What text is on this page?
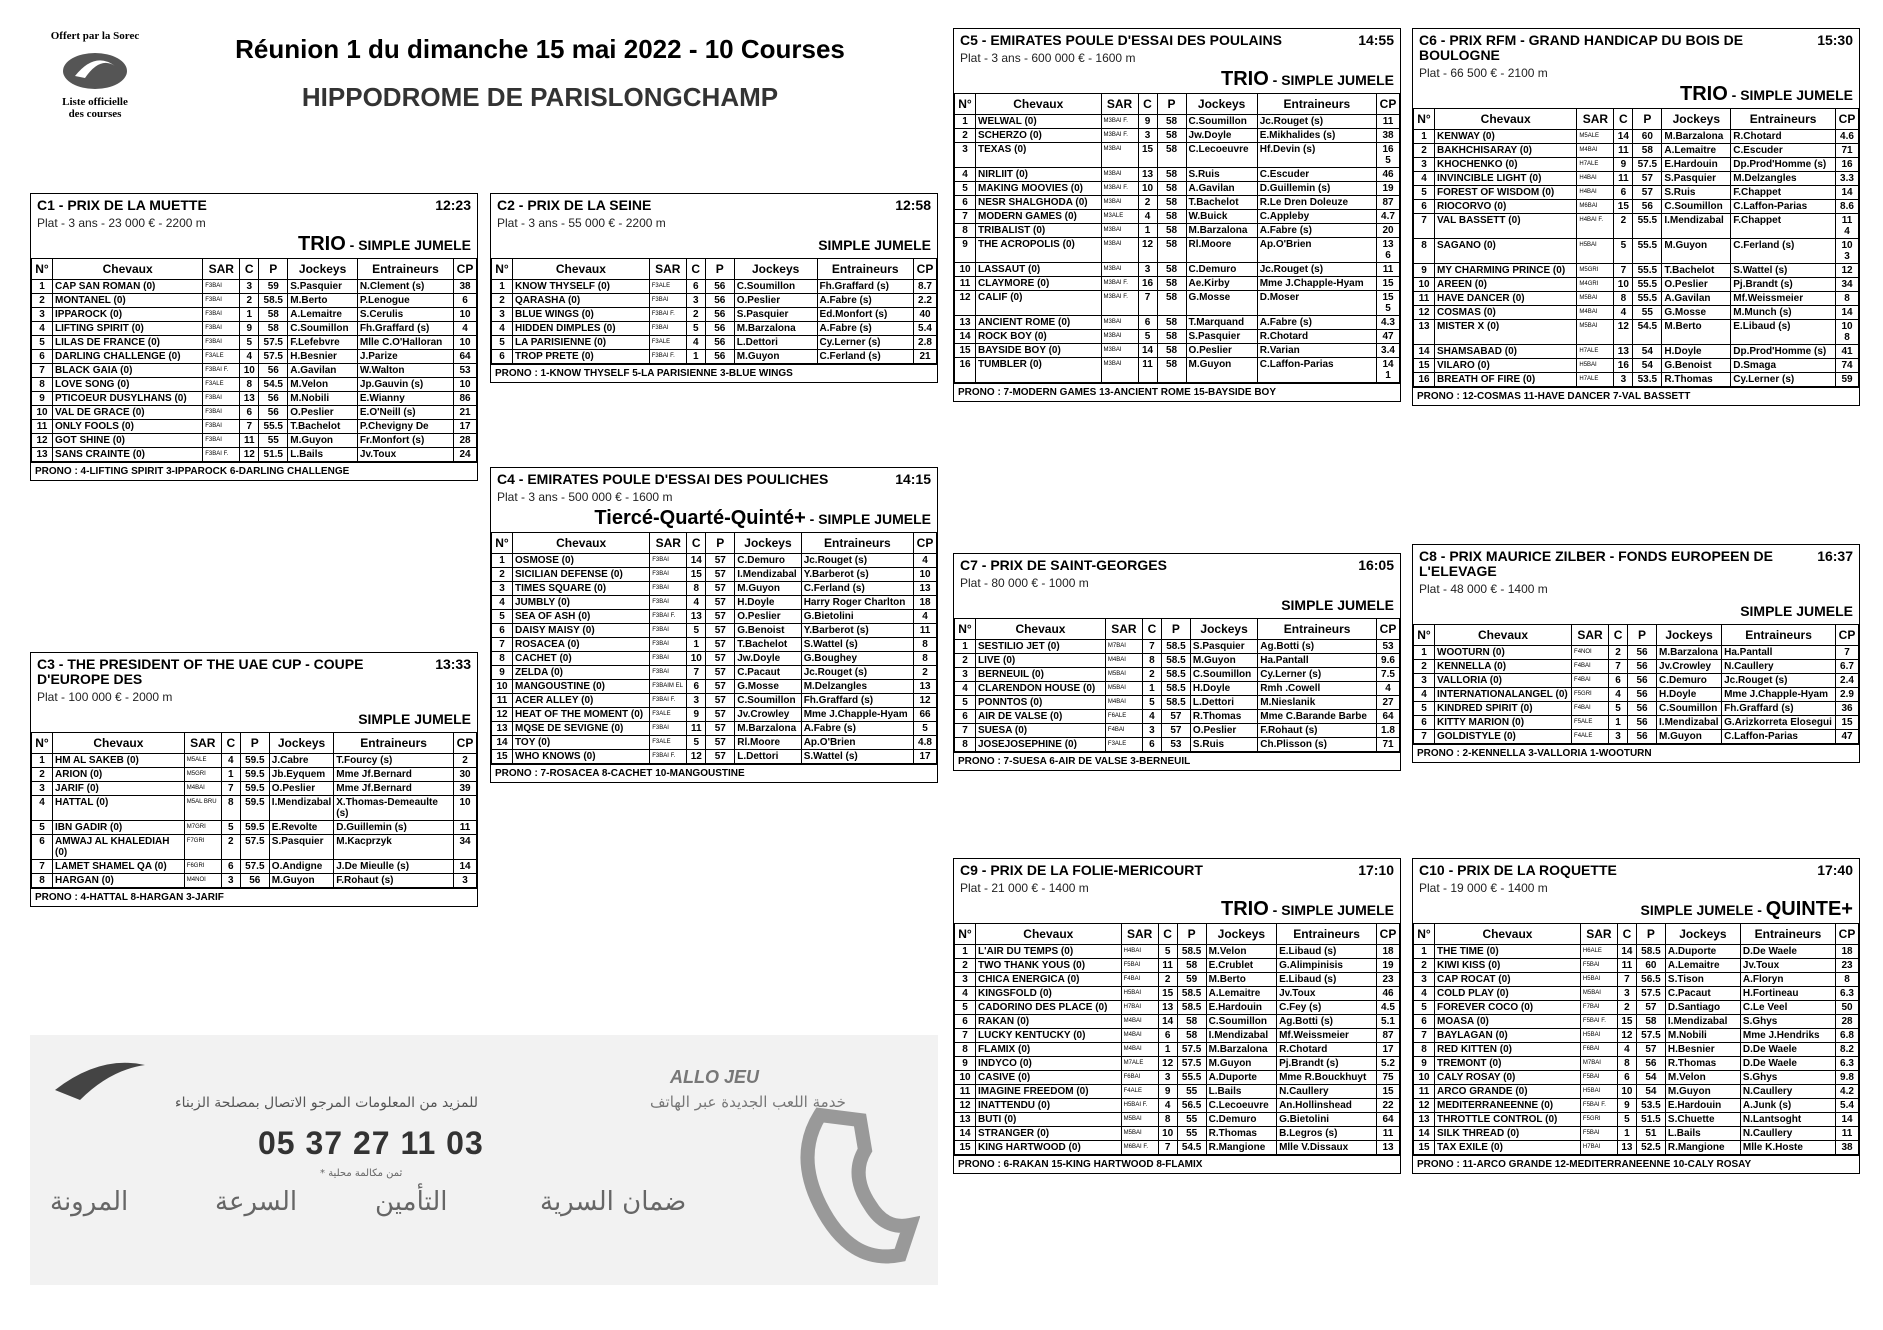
Offert par la Sorec
Liste officielle
des courses
Réunion 1 du dimanche 15 mai 2022 - 10 Courses
HIPPODROME DE PARISLONGCHAMP
C1 - PRIX DE LA MUETTE	12:23
Plat - 3 ans - 23 000 € - 2200 m
TRIO - SIMPLE JUMELE
N°	Chevaux	SAR	C	P	Jockeys	Entraineurs	CP
1	CAP SAN ROMAN (0)	F3BAI	3	59	S.Pasquier	N.Clement (s)	38
2	MONTANEL (0)	F3BAI	2	58.5	M.Berto	P.Lenogue	6
3	IPPAROCK (0)	F3BAI	1	58	A.Lemaitre	S.Cerulis	10
4	LIFTING SPIRIT (0)	F3BAI	9	58	C.Soumillon	Fh.Graffard (s)	4
5	LILAS DE FRANCE (0)	F3BAI	5	57.5	F.Lefebvre	Mlle C.O'Halloran	10
6	DARLING CHALLENGE (0)	F3ALE	4	57.5	H.Besnier	J.Parize	64
7	BLACK GAIA (0)	F3BAI F.	10	56	A.Gavilan	W.Walton	53
8	LOVE SONG (0)	F3ALE	8	54.5	M.Velon	Jp.Gauvin (s)	10
9	PTICOEUR DUSYLHANS (0)	F3BAI	13	56	M.Nobili	E.Wianny	86
10	VAL DE GRACE (0)	F3BAI	6	56	O.Peslier	E.O'Neill (s)	21
11	ONLY FOOLS (0)	F3BAI	7	55.5	T.Bachelot	P.Chevigny De	17
12	GOT SHINE (0)	F3BAI	11	55	M.Guyon	Fr.Monfort (s)	28
13	SANS CRAINTE (0)	F3BAI F.	12	51.5	L.Bails	Jv.Toux	24
PRONO : 4-LIFTING SPIRIT 3-IPPAROCK 6-DARLING CHALLENGE
C2 - PRIX DE LA SEINE	12:58
Plat - 3 ans - 55 000 € - 2200 m
SIMPLE JUMELE
N°	Chevaux	SAR	C	P	Jockeys	Entraineurs	CP
1	KNOW THYSELF (0)	F3ALE	6	56	C.Soumillon	Fh.Graffard (s)	8.7
2	QARASHA (0)	F3BAI	3	56	O.Peslier	A.Fabre (s)	2.2
3	BLUE WINGS (0)	F3BAI F.	2	56	S.Pasquier	Ed.Monfort (s)	40
4	HIDDEN DIMPLES (0)	F3BAI	5	56	M.Barzalona	A.Fabre (s)	5.4
5	LA PARISIENNE (0)	F3ALE	4	56	L.Dettori	Cy.Lerner (s)	2.8
6	TROP PRETE (0)	F3BAI F.	1	56	M.Guyon	C.Ferland (s)	21
PRONO : 1-KNOW THYSELF 5-LA PARISIENNE 3-BLUE WINGS
C3 - THE PRESIDENT OF THE UAE CUP - COUPE D'EUROPE DES
13:33
Plat - 100 000 € - 2000 m
SIMPLE JUMELE
N°	Chevaux	SAR	C	P	Jockeys	Entraineurs	CP
1	HM AL SAKEB (0)	M5ALE	4	59.5	J.Cabre	T.Fourcy (s)	2
2	ARION (0)	M5GRI	1	59.5	Jb.Eyquem	Mme Jf.Bernard	30
3	JARIF (0)	M4BAI	7	59.5	O.Peslier	Mme Jf.Bernard	39
4	HATTAL (0)	M5AL BRU	8	59.5	I.Mendizabal	X.Thomas-Demeaulte (s)	10
5	IBN GADIR (0)	M7GRI	5	59.5	E.Revolte	D.Guillemin (s)	11
6	AMWAJ AL KHALEDIAH (0)	F7GRI	2	57.5	S.Pasquier	M.Kacprzyk	34
7	LAMET SHAMEL QA (0)	F6GRI	6	57.5	O.Andigne	J.De Mieulle (s)	14
8	HARGAN (0)	M4NOI	3	56	M.Guyon	F.Rohaut (s)	3
PRONO : 4-HATTAL 8-HARGAN 3-JARIF
C4 - EMIRATES POULE D'ESSAI DES POULICHES	14:15
Plat - 3 ans - 500 000 € - 1600 m
Tiercé-Quarté-Quinté+ - SIMPLE JUMELE
N°	Chevaux	SAR	C	P	Jockeys	Entraineurs	CP
1	OSMOSE (0)	F3BAI	14	57	C.Demuro	Jc.Rouget (s)	4
2	SICILIAN DEFENSE (0)	F3BAI	15	57	I.Mendizabal	Y.Barberot (s)	10
3	TIMES SQUARE (0)	F3BAI	8	57	M.Guyon	C.Ferland (s)	13
4	JUMBLY (0)	F3BAI	4	57	H.Doyle	Harry Roger Charlton	18
5	SEA OF ASH (0)	F3BAI F.	13	57	O.Peslier	G.Bietolini	4
6	DAISY MAISY (0)	F3BAI	5	57	G.Benoist	Y.Barberot (s)	11
7	ROSACEA (0)	F3BAI	1	57	T.Bachelot	S.Wattel (s)	8
8	CACHET (0)	F3BAI	10	57	Jw.Doyle	G.Boughey	8
9	ZELDA (0)	F3BAI	7	57	C.Pacaut	Jc.Rouget (s)	2
10	MANGOUSTINE (0)	F3BAIM EL	6	57	G.Mosse	M.Delzangles	13
11	ACER ALLEY (0)	F3BAI F.	3	57	C.Soumillon	Fh.Graffard (s)	12
12	HEAT OF THE MOMENT (0)	F3ALE	9	57	Jv.Crowley	Mme J.Chapple-Hyam	66
13	MQSE DE SEVIGNE (0)	F3BAI	11	57	M.Barzalona	A.Fabre (s)	5
14	TOY (0)	F3ALE	5	57	Rl.Moore	Ap.O'Brien	4.8
15	WHO KNOWS (0)	F3BAI F.	12	57	L.Dettori	S.Wattel (s)	17
PRONO : 7-ROSACEA 8-CACHET 10-MANGOUSTINE
C5 - EMIRATES POULE D'ESSAI DES POULAINS	14:55
Plat - 3 ans - 600 000 € - 1600 m
TRIO - SIMPLE JUMELE
N°	Chevaux	SAR	C	P	Jockeys	Entraineurs	CP
1	WELWAL (0)	M3BAI F.	9	58	C.Soumillon	Jc.Rouget (s)	11
2	SCHERZO (0)	M3BAI F.	3	58	Jw.Doyle	E.Mikhalides (s)	38
3	TEXAS (0)	M3BAI	15	58	C.Lecoeuvre	Hf.Devin (s)	16 5
4	NIRLIIT (0)	M3BAI	13	58	S.Ruis	C.Escuder	46
5	MAKING MOOVIES (0)	M3BAI F.	10	58	A.Gavilan	D.Guillemin (s)	19
6	NESR SHALGHODA (0)	M3BAI	2	58	T.Bachelot	R.Le Dren Doleuze	87
7	MODERN GAMES (0)	M3ALE	4	58	W.Buick	C.Appleby	4.7
8	TRIBALIST (0)	M3BAI	1	58	M.Barzalona	A.Fabre (s)	20
9	THE ACROPOLIS (0)	M3BAI	12	58	Rl.Moore	Ap.O'Brien	13 6
10	LASSAUT (0)	M3BAI	3	58	C.Demuro	Jc.Rouget (s)	11
11	CLAYMORE (0)	M3BAI F.	16	58	Ae.Kirby	Mme J.Chapple-Hyam	15
12	CALIF (0)	M3BAI F.	7	58	G.Mosse	D.Moser	15 5
13	ANCIENT ROME (0)	M3BAI	6	58	T.Marquand	A.Fabre (s)	4.3
14	ROCK BOY (0)	M3BAI	5	58	S.Pasquier	R.Chotard	47
15	BAYSIDE BOY (0)	M3BAI	14	58	O.Peslier	R.Varian	3.4
16	TUMBLER (0)	M3BAI	11	58	M.Guyon	C.Laffon-Parias	14 1
PRONO : 7-MODERN GAMES 13-ANCIENT ROME 15-BAYSIDE BOY
C6 - PRIX RFM - GRAND HANDICAP DU BOIS DE BOULOGNE
15:30
Plat - 66 500 € - 2100 m
TRIO - SIMPLE JUMELE
N°	Chevaux	SAR	C	P	Jockeys	Entraineurs	CP
1	KENWAY (0)	M5ALE	14	60	M.Barzalona	R.Chotard	4.6
2	BAKHCHISARAY (0)	M4BAI	11	58	A.Lemaitre	C.Escuder	71
3	KHOCHENKO (0)	H7ALE	9	57.5	E.Hardouin	Dp.Prod'Homme (s)	16
4	INVINCIBLE LIGHT (0)	H4BAI	11	57	S.Pasquier	M.Delzangles	3.3
5	FOREST OF WISDOM (0)	H4BAI	6	57	S.Ruis	F.Chappet	14
6	RIOCORVO (0)	M6BAI	15	56	C.Soumillon	C.Laffon-Parias	8.6
7	VAL BASSETT (0)	H4BAI F.	2	55.5	I.Mendizabal	F.Chappet	11 4
8	SAGANO (0)	H5BAI	5	55.5	M.Guyon	C.Ferland (s)	10 3
9	MY CHARMING PRINCE (0)	M5GRI	7	55.5	T.Bachelot	S.Wattel (s)	12
10	AREEN (0)	M4GRI	10	55.5	O.Peslier	Pj.Brandt (s)	34
11	HAVE DANCER (0)	M5BAI	8	55.5	A.Gavilan	Mf.Weissmeier	8
12	COSMAS (0)	M4BAI	4	55	G.Mosse	M.Munch (s)	14
13	MISTER X (0)	M5BAI	12	54.5	M.Berto	E.Libaud (s)	10 8
14	SHAMSABAD (0)	H7ALE	13	54	H.Doyle	Dp.Prod'Homme (s)	41
15	VILARO (0)	H5BAI	16	54	G.Benoist	D.Smaga	74
16	BREATH OF FIRE (0)	H7ALE	3	53.5	R.Thomas	Cy.Lerner (s)	59
PRONO : 12-COSMAS 11-HAVE DANCER 7-VAL BASSETT
C7 - PRIX DE SAINT-GEORGES	16:05
Plat - 80 000 € - 1000 m
SIMPLE JUMELE
N°	Chevaux	SAR	C	P	Jockeys	Entraineurs	CP
1	SESTILIO JET (0)	M7BAI	7	58.5	S.Pasquier	Ag.Botti (s)	53
2	LIVE (0)	M4BAI	8	58.5	M.Guyon	Ha.Pantall	9.6
3	BERNEUIL (0)	M5BAI	2	58.5	C.Soumillon	Cy.Lerner (s)	7.5
4	CLARENDON HOUSE (0)	M5BAI	1	58.5	H.Doyle	Rmh .Cowell	4
5	PONNTOS (0)	M4BAI	5	58.5	L.Dettori	M.Nieslanik	27
6	AIR DE VALSE (0)	F6ALE	4	57	R.Thomas	Mme C.Barande Barbe	64
7	SUESA (0)	F4BAI	3	57	O.Peslier	F.Rohaut (s)	1.8
8	JOSEJOSEPHINE (0)	F3ALE	6	53	S.Ruis	Ch.Plisson (s)	71
PRONO : 7-SUESA 6-AIR DE VALSE 3-BERNEUIL
C8 - PRIX MAURICE ZILBER - FONDS EUROPEEN DE L'ELEVAGE
16:37
Plat - 48 000 € - 1400 m
SIMPLE JUMELE
N°	Chevaux	SAR	C	P	Jockeys	Entraineurs	CP
1	WOOTURN (0)	F4NOI	2	56	M.Barzalona	Ha.Pantall	7
2	KENNELLA (0)	F4BAI	7	56	Jv.Crowley	N.Caullery	6.7
3	VALLORIA (0)	F4BAI	6	56	C.Demuro	Jc.Rouget (s)	2.4
4	INTERNATIONALANGEL (0)	F5GRI	4	56	H.Doyle	Mme J.Chapple-Hyam	2.9
5	KINDRED SPIRIT (0)	F4BAI	5	56	C.Soumillon	Fh.Graffard (s)	36
6	KITTY MARION (0)	F5ALE	1	56	I.Mendizabal	G.Arizkorreta Elosegui	15
7	GOLDISTYLE (0)	F4ALE	3	56	M.Guyon	C.Laffon-Parias	47
PRONO : 2-KENNELLA 3-VALLORIA 1-WOOTURN
C9 - PRIX DE LA FOLIE-MERICOURT	17:10
Plat - 21 000 € - 1400 m
TRIO - SIMPLE JUMELE
N°	Chevaux	SAR	C	P	Jockeys	Entraineurs	CP
1	L'AIR DU TEMPS (0)	H4BAI	5	58.5	M.Velon	E.Libaud (s)	18
2	TWO THANK YOUS (0)	F5BAI	11	58	E.Crublet	G.Alimpinisis	19
3	CHICA ENERGICA (0)	F4BAI	2	59	M.Berto	E.Libaud (s)	23
4	KINGSFOLD (0)	H5BAI	15	58.5	A.Lemaitre	Jv.Toux	46
5	CADORINO DES PLACE (0)	H7BAI	13	58.5	E.Hardouin	C.Fey (s)	4.5
6	RAKAN (0)	M4BAI	14	58	C.Soumillon	Ag.Botti (s)	5.1
7	LUCKY KENTUCKY (0)	M4BAI	6	58	I.Mendizabal	Mf.Weissmeier	87
8	FLAMIX (0)	M4BAI	1	57.5	M.Barzalona	R.Chotard	17
9	INDYCO (0)	M7ALE	12	57.5	M.Guyon	Pj.Brandt (s)	5.2
10	CASIVE (0)	F6BAI	3	55.5	A.Duporte	Mme R.Bouckhuyt	75
11	IMAGINE FREEDOM (0)	F4ALE	9	55	L.Bails	N.Caullery	15
12	INATTENDU (0)	H5BAI F.	4	56.5	C.Lecoeuvre	An.Hollinshead	22
13	BUTI (0)	M5BAI	8	55	C.Demuro	G.Bietolini	64
14	STRANGER (0)	M5BAI	10	55	R.Thomas	B.Legros (s)	11
15	KING HARTWOOD (0)	M6BAI F.	7	54.5	R.Mangione	Mlle V.Dissaux	13
PRONO : 6-RAKAN 15-KING HARTWOOD 8-FLAMIX
C10 - PRIX DE LA ROQUETTE	17:40
Plat - 19 000 € - 1400 m
SIMPLE JUMELE - QUINTE+
N°	Chevaux	SAR	C	P	Jockeys	Entraineurs	CP
1	THE TIME (0)	H6ALE	14	58.5	A.Duporte	D.De Waele	18
2	KIWI KISS (0)	F5BAI	11	60	A.Lemaitre	Jv.Toux	23
3	CAP ROCAT (0)	H5BAI	7	56.5	S.Tison	A.Floryn	8
4	COLD PLAY (0)	M5BAI	3	57.5	C.Pacaut	H.Fortineau	6.3
5	FOREVER COCO (0)	F7BAI	2	57	D.Santiago	C.Le Veel	50
6	MOASA (0)	F5BAI F.	15	58	I.Mendizabal	S.Ghys	28
7	BAYLAGAN (0)	H5BAI	12	57.5	M.Nobili	Mme J.Hendriks	6.8
8	RED KITTEN (0)	F6BAI	4	57	H.Besnier	D.De Waele	8.2
9	TREMONT (0)	M7BAI	8	56	R.Thomas	D.De Waele	6.3
10	CALY ROSAY (0)	F5BAI	6	54	M.Velon	S.Ghys	9.8
11	ARCO GRANDE (0)	H5BAI	10	54	M.Guyon	N.Caullery	4.2
12	MEDITERRANEENNE (0)	F5BAI F.	9	53.5	E.Hardouin	A.Junk (s)	5.4
13	THROTTLE CONTROL (0)	F5GRI	5	51.5	S.Chuette	N.Lantsoght	14
14	SILK THREAD (0)	F5BAI	1	51	L.Bails	N.Caullery	11
15	TAX EXILE (0)	H7BAI	13	52.5	R.Mangione	Mlle K.Hoste	38
PRONO : 11-ARCO GRANDE 12-MEDITERRANEENNE 10-CALY ROSAY
للمزيد من المعلومات المرجو الاتصال بمصلحة الزبناء
05 37 27 11 03
* ثمن مكالمة محلية
المرونة	السرعة	التأمين	ضمان السرية
ALLO JEU
خدمة اللعب الجديدة عبر الهاتف
